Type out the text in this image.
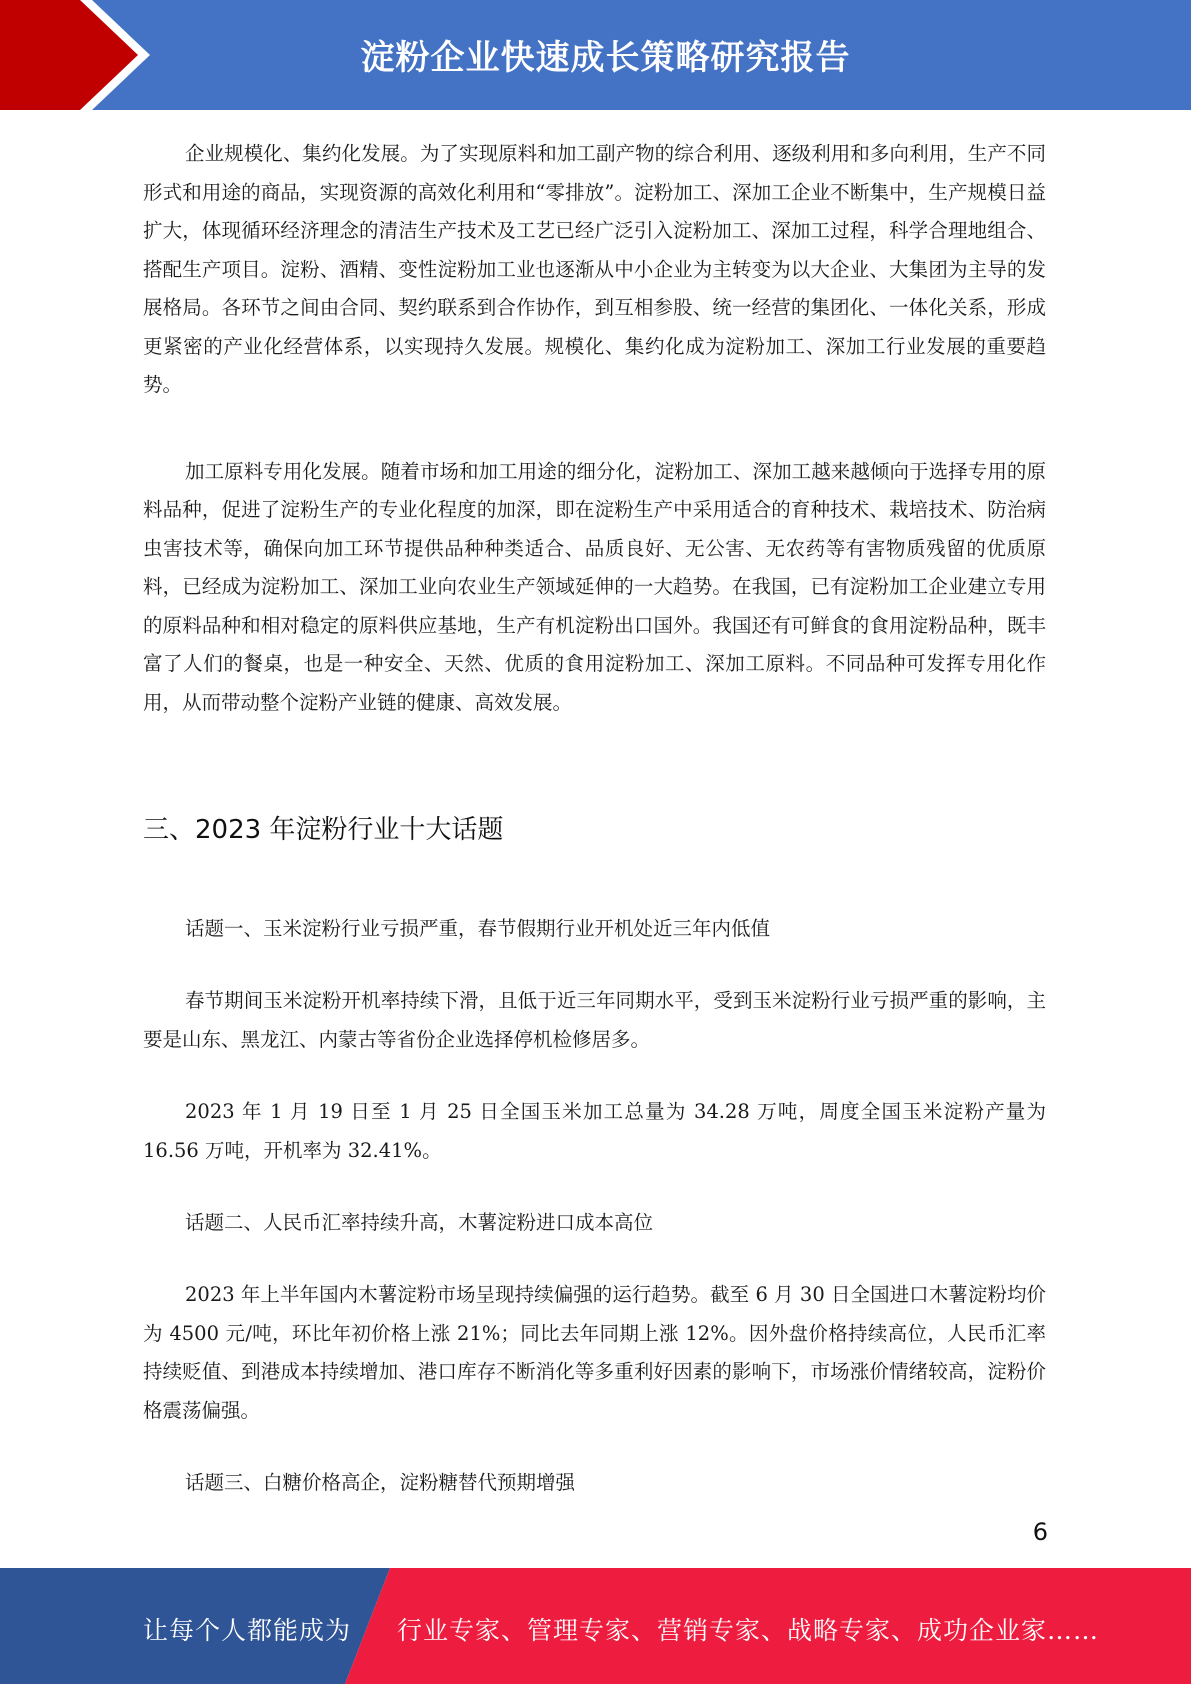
淀粉企业快速成长策略研究报告

企业规模化、集约化发展。为了实现原料和加工副产物的综合利用、逐级利用和多向利用，生产不同形式和用途的商品，实现资源的高效化利用和“零排放”。淀粉加工、深加工企业不断集中，生产规模日益扩大，体现循环经济理念的清洁生产技术及工艺已经广泛引入淀粉加工、深加工过程，科学合理地组合、搭配生产项目。淀粉、酒精、变性淀粉加工业也逐渐从中小企业为主转变为以大企业、大集团为主导的发展格局。各环节之间由合同、契约联系到合作协作，到互相参股、统一经营的集团化、一体化关系，形成更紧密的产业化经营体系，以实现持久发展。规模化、集约化成为淀粉加工、深加工行业发展的重要趋势。

加工原料专用化发展。随着市场和加工用途的细分化，淀粉加工、深加工越来越倾向于选择专用的原料品种，促进了淀粉生产的专业化程度的加深，即在淀粉生产中采用适合的育种技术、栽培技术、防治病虫害技术等，确保向加工环节提供品种种类适合、品质良好、无公害、无农药等有害物质残留的优质原料，已经成为淀粉加工、深加工业向农业生产领域延伸的一大趋势。在我国，已有淀粉加工企业建立专用的原料品种和相对稳定的原料供应基地，生产有机淀粉出口国外。我国还有可鲜食的食用淀粉品种，既丰富了人们的餐桌，也是一种安全、天然、优质的食用淀粉加工、深加工原料。不同品种可发挥专用化作用，从而带动整个淀粉产业链的健康、高效发展。

三、2023 年淀粉行业十大话题

话题一、玉米淀粉行业亏损严重，春节假期行业开机处近三年内低值

春节期间玉米淀粉开机率持续下滑，且低于近三年同期水平，受到玉米淀粉行业亏损严重的影响，主要是山东、黑龙江、内蒙古等省份企业选择停机检修居多。

2023 年 1 月 19 日至 1 月 25 日全国玉米加工总量为 34.28 万吨，周度全国玉米淀粉产量为 16.56 万吨，开机率为 32.41%。

话题二、人民币汇率持续升高，木薯淀粉进口成本高位

2023 年上半年国内木薯淀粉市场呈现持续偏强的运行趋势。截至 6 月 30 日全国进口木薯淀粉均价为 4500 元/吨，环比年初价格上涨 21%；同比去年同期上涨 12%。因外盘价格持续高位，人民币汇率持续贬值、到港成本持续增加、港口库存不断消化等多重利好因素的影响下，市场涨价情绪较高，淀粉价格震荡偏强。

话题三、白糖价格高企，淀粉糖替代预期增强

6
让每个人都能成为 行业专家、管理专家、营销专家、战略专家、成功企业家……
